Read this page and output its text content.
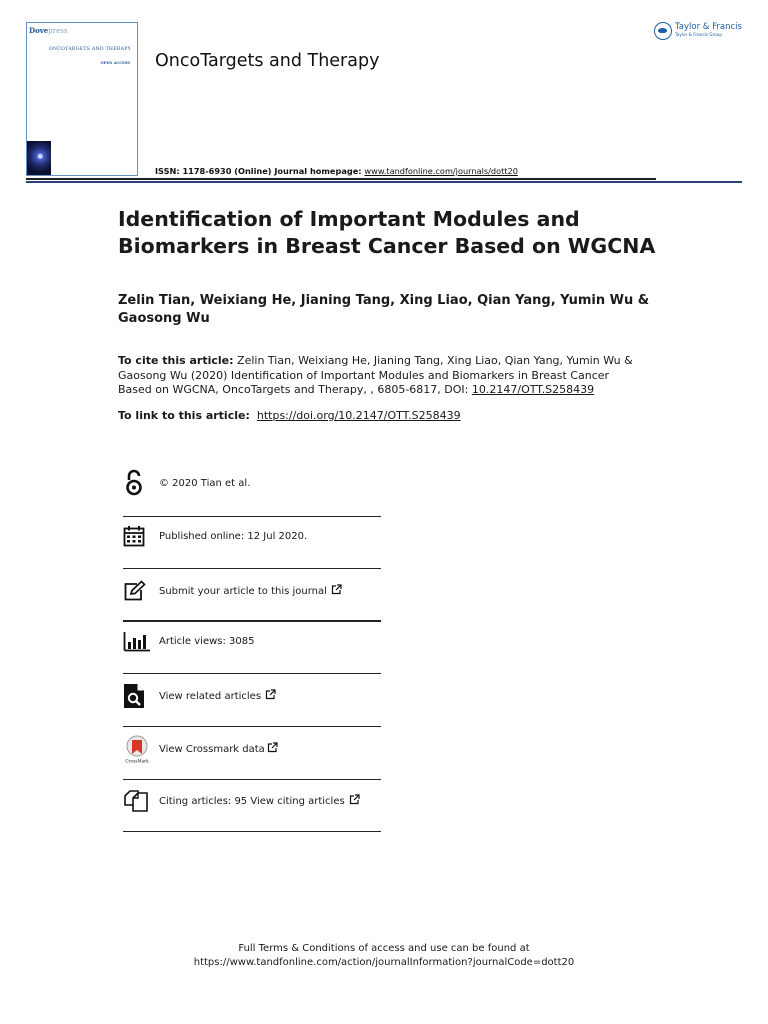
Dovepress
ONCOTARGETS AND THERAPY
OPEN ACCESS OncoTargets and Therapy
ISSN: 1178-6930 (Online) Journal homepage: www.tandfonline.com/journals/dott20
Taylor & Francis
Taylor & Francis Group
Identification of Important Modules and Biomarkers in Breast Cancer Based on WGCNA
Zelin Tian, Weixiang He, Jianing Tang, Xing Liao, Qian Yang, Yumin Wu & Gaosong Wu
To cite this article: Zelin Tian, Weixiang He, Jianing Tang, Xing Liao, Qian Yang, Yumin Wu & Gaosong Wu (2020) Identification of Important Modules and Biomarkers in Breast Cancer Based on WGCNA, OncoTargets and Therapy, , 6805-6817, DOI: 10.2147/OTT.S258439
To link to this article: https://doi.org/10.2147/OTT.S258439
© 2020 Tian et al.
Published online: 12 Jul 2020.
Submit your article to this journal
Article views: 3085
View related articles
CrossMark
View Crossmark data
Citing articles: 95 View citing articles
Full Terms & Conditions of access and use can be found at
https://www.tandfonline.com/action/journalInformation?journalCode=dott20
